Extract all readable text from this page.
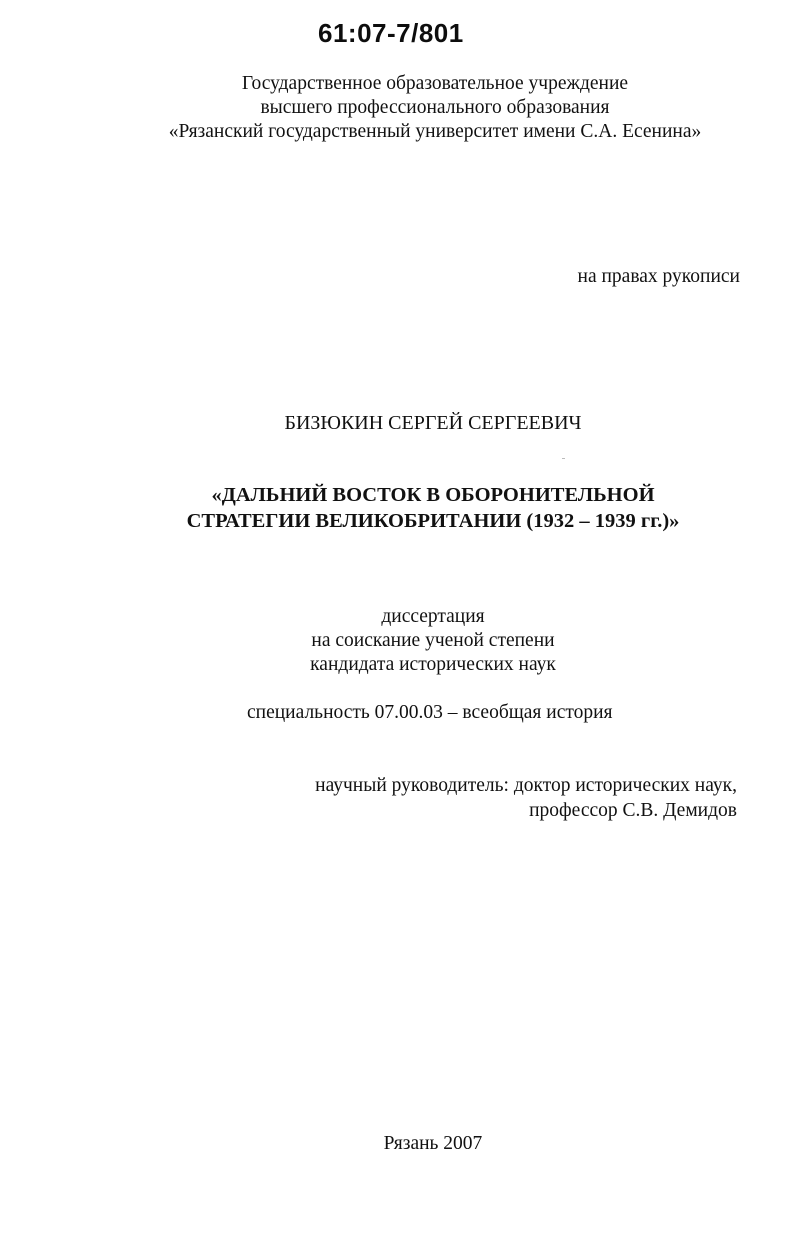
61:07-7/801
Государственное образовательное учреждение
высшего профессионального образования
«Рязанский государственный университет имени С.А. Есенина»
на правах рукописи
БИЗЮКИН СЕРГЕЙ СЕРГЕЕВИЧ
«ДАЛЬНИЙ ВОСТОК В ОБОРОНИТЕЛЬНОЙ
СТРАТЕГИИ ВЕЛИКОБРИТАНИИ (1932 – 1939 гг.)»
диссертация
на соискание ученой степени
кандидата исторических наук
специальность 07.00.03 – всеобщая история
научный руководитель: доктор исторических наук,
профессор С.В. Демидов
Рязань 2007
